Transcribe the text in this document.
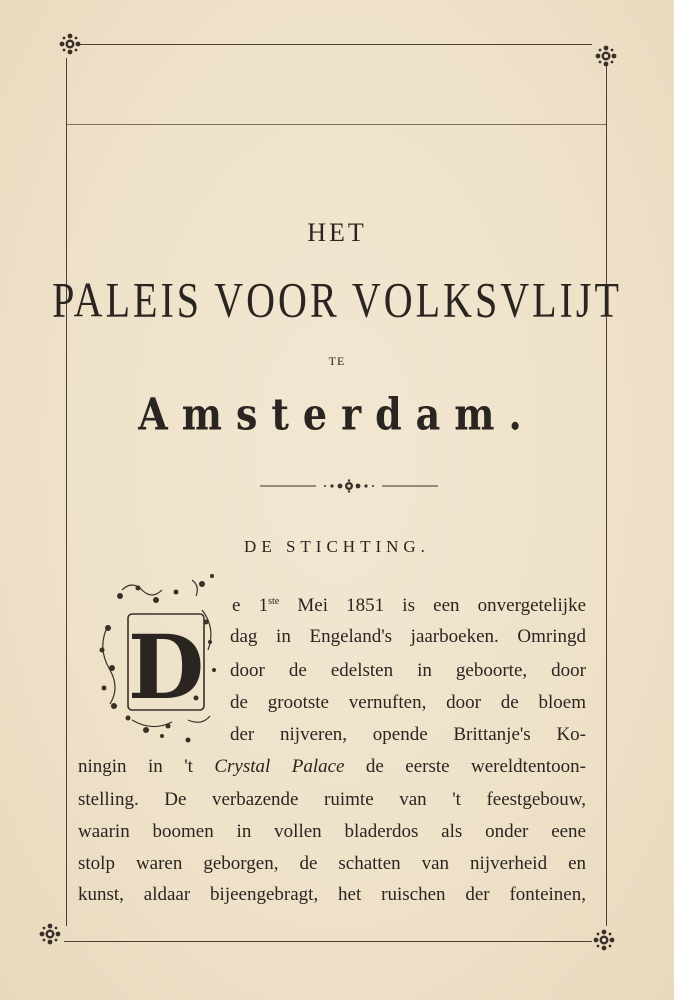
HET
PALEIS VOOR VOLKSVLIJT
TE
Amsterdam.
DE STICHTING.
D
e 1ste Mei 1851 is een onvergetelijke
dag in Engeland's jaarboeken. Omringd
door de edelsten in geboorte, door
de grootste vernuften, door de bloem
der nijveren, opende Brittanje's Ko-
ningin in 't Crystal Palace de eerste wereldtentoon-
stelling. De verbazende ruimte van 't feestgebouw,
waarin boomen in vollen bladerdos als onder eene
stolp waren geborgen, de schatten van nijverheid en
kunst, aldaar bijeengebragt, het ruischen der fonteinen,
